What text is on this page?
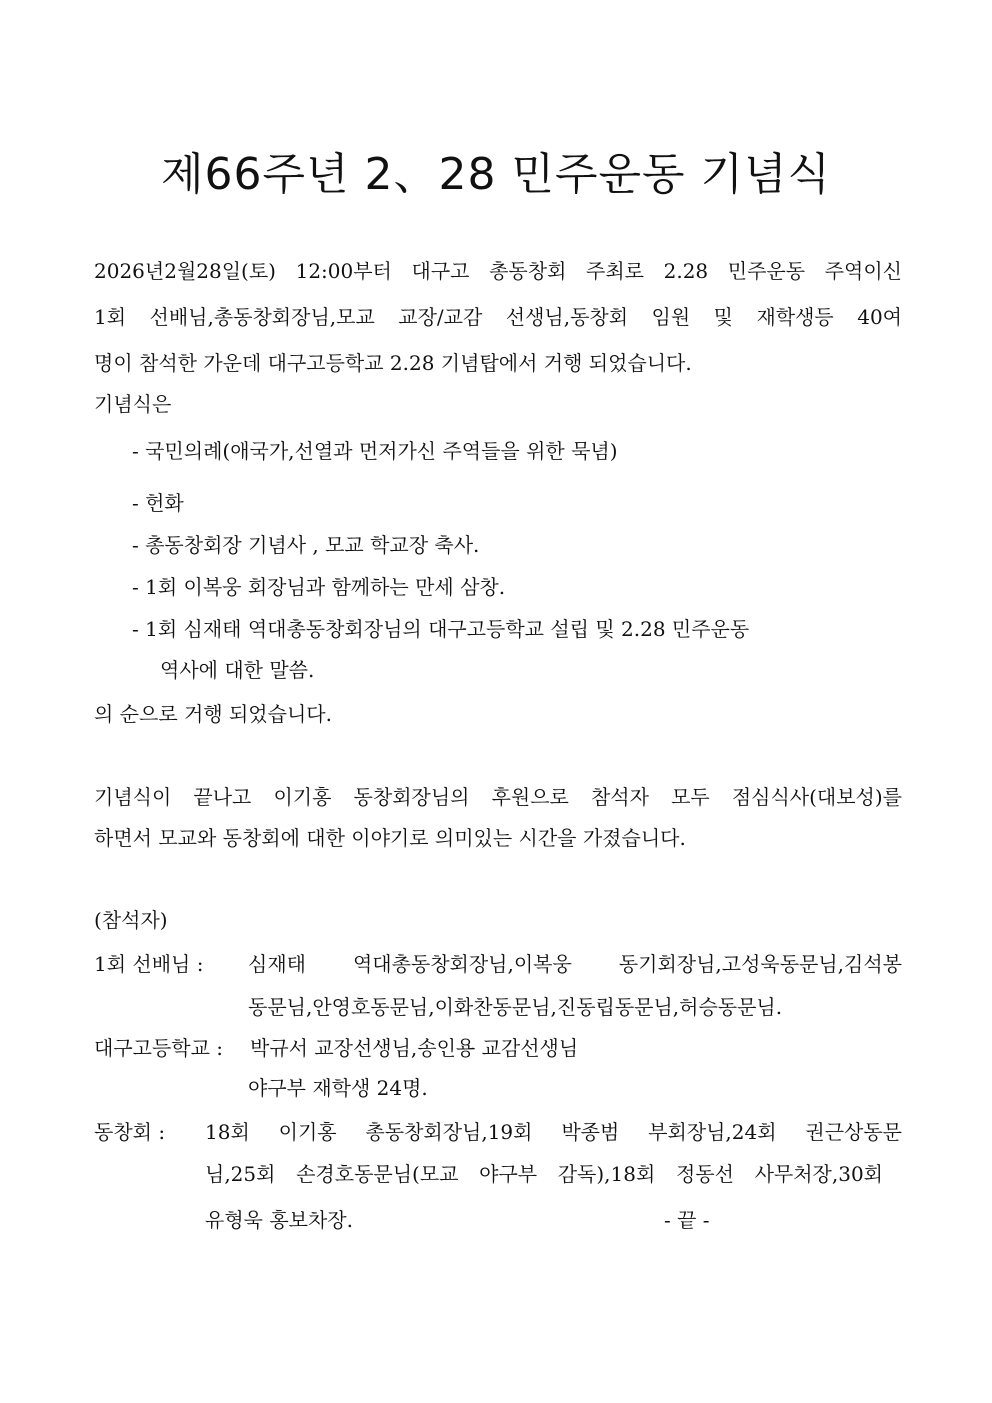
제66주년 2、28 민주운동 기념식
2026년2월28일(토) 12:00부터 대구고 총동창회 주최로 2.28 민주운동 주역이신
1회 선배님,총동창회장님,모교 교장/교감 선생님,동창회 임원 및 재학생등 40여
명이 참석한 가운데 대구고등학교 2.28 기념탑에서 거행 되었습니다.
기념식은
- 국민의례(애국가,선열과 먼저가신 주역들을 위한 묵념)
- 헌화
- 총동창회장 기념사 , 모교 학교장 축사.
- 1회 이복웅 회장님과 함께하는 만세 삼창.
- 1회 심재태 역대총동창회장님의 대구고등학교 설립 및 2.28 민주운동
역사에 대한 말씀.
의 순으로 거행 되었습니다.
기념식이 끝나고 이기홍 동창회장님의 후원으로 참석자 모두 점심식사(대보성)를
하면서 모교와 동창회에 대한 이야기로 의미있는 시간을 가졌습니다.
(참석자)
1회 선배님 : 심재태 역대총동창회장님,이복웅 동기회장님,고성욱동문님,김석봉
동문님,안영호동문님,이화찬동문님,진동립동문님,허승동문님.
대구고등학교 : 박규서 교장선생님,송인용 교감선생님
야구부 재학생 24명.
동창회 : 18회 이기홍 총동창회장님,19회 박종범 부회장님,24회 권근상동문
님,25회 손경호동문님(모교 야구부 감독),18회 정동선 사무처장,30회
유형욱 홍보차장.	- 끝 -
